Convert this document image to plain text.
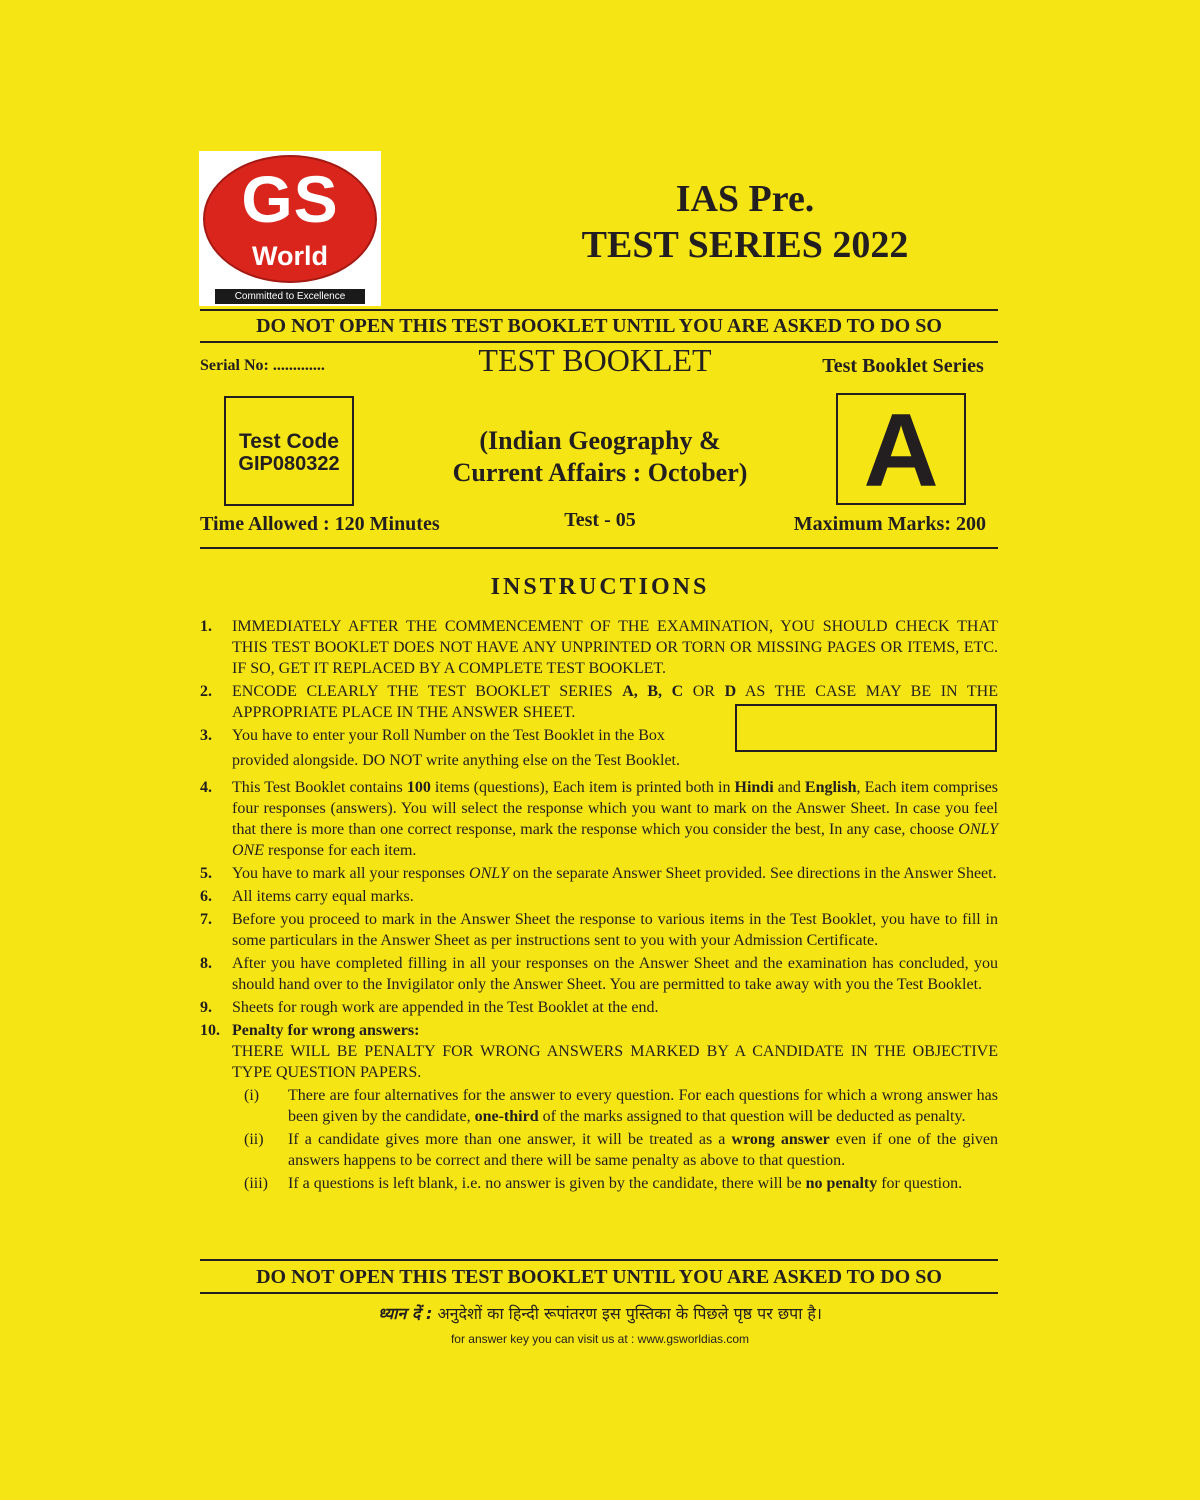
GS
World
Committed to Excellence
IAS Pre.
TEST SERIES 2022
DO NOT OPEN THIS TEST BOOKLET UNTIL YOU ARE ASKED TO DO SO
Serial No: .............	TEST BOOKLET	Test Booklet Series
Test Code
GIP080322
(Indian Geography &
Current Affairs : October)	A
Time Allowed : 120 Minutes	Test - 05	Maximum Marks: 200
INSTRUCTIONS
1.	IMMEDIATELY AFTER THE COMMENCEMENT OF THE EXAMINATION, YOU SHOULD CHECK THAT THIS TEST BOOKLET DOES NOT HAVE ANY UNPRINTED OR TORN OR MISSING PAGES OR ITEMS, ETC. IF SO, GET IT REPLACED BY A COMPLETE TEST BOOKLET.
2.	ENCODE CLEARLY THE TEST BOOKLET SERIES A, B, C OR D AS THE CASE MAY BE IN THE APPROPRIATE PLACE IN THE ANSWER SHEET.
3.	You have to enter your Roll Number on the Test Booklet in the Box
provided alongside. DO NOT write anything else on the Test Booklet.
4.	This Test Booklet contains 100 items (questions), Each item is printed both in Hindi and English, Each item comprises four responses (answers). You will select the response which you want to mark on the Answer Sheet. In case you feel that there is more than one correct response, mark the response which you consider the best, In any case, choose ONLY ONE response for each item.
5.	You have to mark all your responses ONLY on the separate Answer Sheet provided. See directions in the Answer Sheet.
6.	All items carry equal marks.
7.	Before you proceed to mark in the Answer Sheet the response to various items in the Test Booklet, you have to fill in some particulars in the Answer Sheet as per instructions sent to you with your Admission Certificate.
8.	After you have completed filling in all your responses on the Answer Sheet and the examination has concluded, you should hand over to the Invigilator only the Answer Sheet. You are permitted to take away with you the Test Booklet.
9.	Sheets for rough work are appended in the Test Booklet at the end.
10. Penalty for wrong answers:
THERE WILL BE PENALTY FOR WRONG ANSWERS MARKED BY A CANDIDATE IN THE OBJECTIVE TYPE QUESTION PAPERS.
(i)	There are four alternatives for the answer to every question. For each questions for which a wrong answer has been given by the candidate, one-third of the marks assigned to that question will be deducted as penalty.
(ii)	If a candidate gives more than one answer, it will be treated as a wrong answer even if one of the given answers happens to be correct and there will be same penalty as above to that question.
(iii)	If a questions is left blank, i.e. no answer is given by the candidate, there will be no penalty for question.
DO NOT OPEN THIS TEST BOOKLET UNTIL YOU ARE ASKED TO DO SO
ध्यान दें : अनुदेशों का हिन्दी रूपांतरण इस पुस्तिका के पिछले पृष्ठ पर छपा है।
for answer key you can visit us at : www.gsworldias.com
